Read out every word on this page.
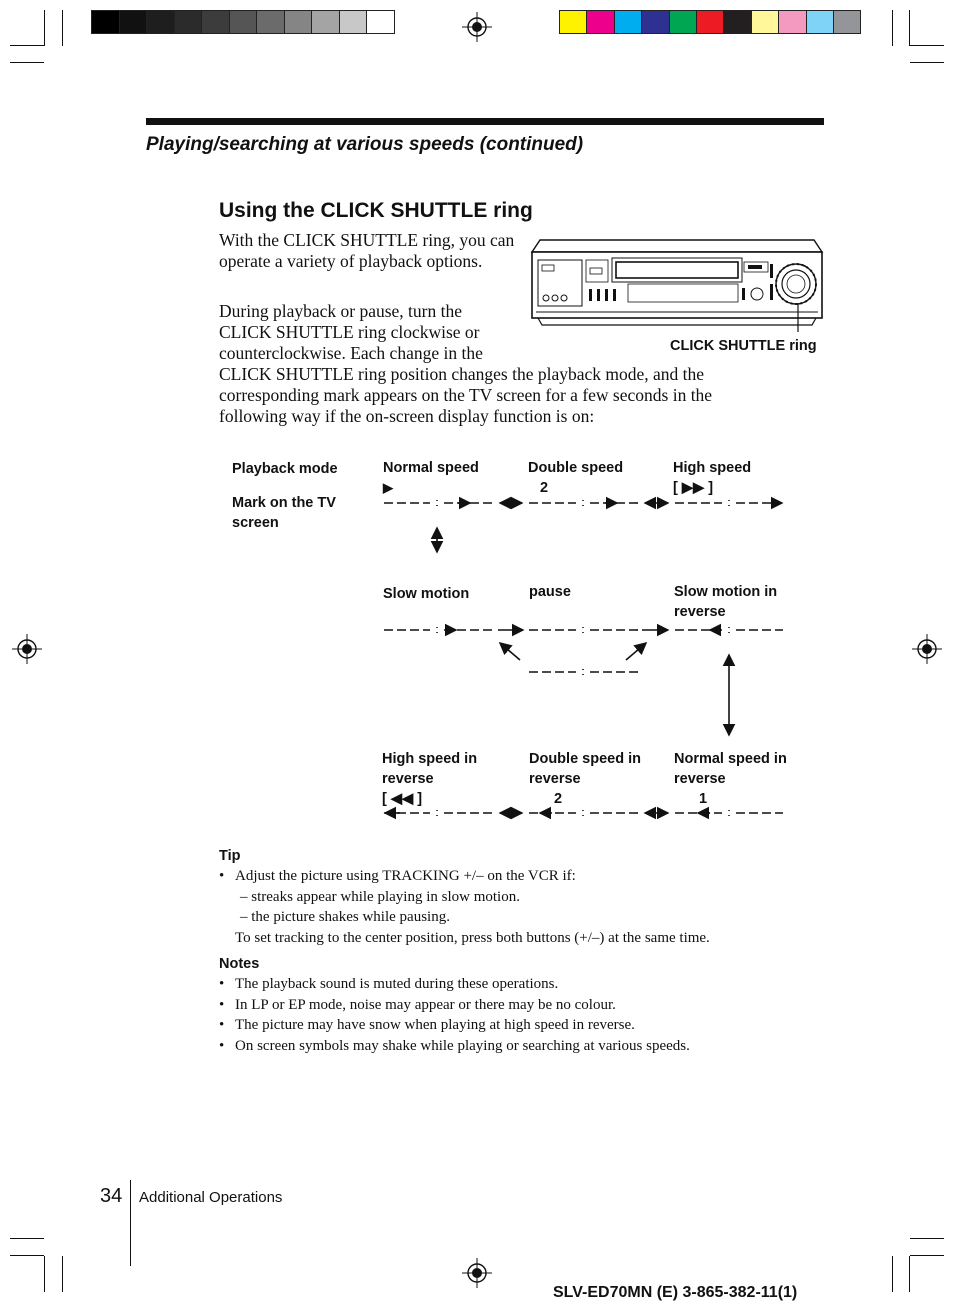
Playing/searching at various speeds (continued)
Using the CLICK SHUTTLE ring
With the CLICK SHUTTLE ring, you can operate a variety of playback options.
During playback or pause, turn the
CLICK SHUTTLE ring clockwise or
counterclockwise. Each change in the
CLICK SHUTTLE ring position changes the playback mode, and the
corresponding mark appears on the TV screen for a few seconds in the
following way if the on-screen display function is on:
CLICK SHUTTLE ring
Playback mode
Mark on the TV screen
Normal speed
▶
Double speed
2
High speed
[ ▶▶ ]
Slow motion	pause	Slow motion in reverse
High speed in reverse
[ ◀◀ ]
Double speed in reverse
2
Normal speed in reverse
1
Tip
• Adjust the picture using TRACKING +/– on the VCR if:
– streaks appear while playing in slow motion.
– the picture shakes while pausing.
To set tracking to the center position, press both buttons (+/–) at the same time.
Notes
• The playback sound is muted during these operations.
• In LP or EP mode, noise may appear or there may be no colour.
• The picture may have snow when playing at high speed in reverse.
• On screen symbols may shake while playing or searching at various speeds.
34 Additional Operations
SLV-ED70MN (E) 3-865-382-11(1)
